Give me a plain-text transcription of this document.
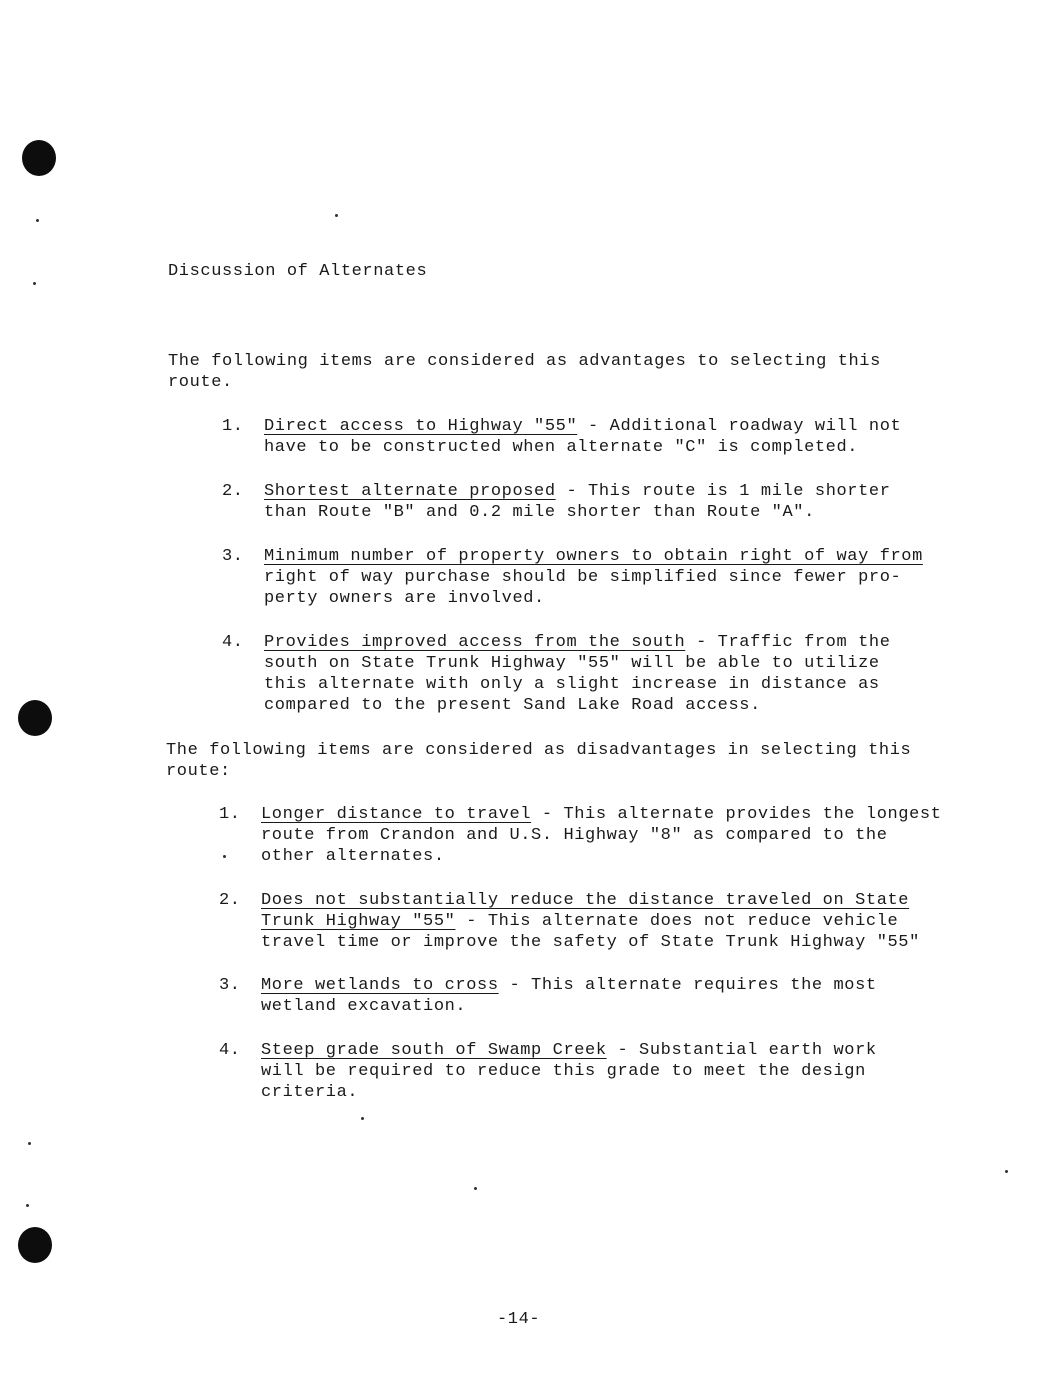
Discussion of Alternates
The following items are considered as advantages to selecting this
route.
1. Direct access to Highway "55" - Additional roadway will not
have to be constructed when alternate "C" is completed.
2. Shortest alternate proposed - This route is 1 mile shorter
than Route "B" and 0.2 mile shorter than Route "A".
3. Minimum number of property owners to obtain right of way from
right of way purchase should be simplified since fewer pro-
perty owners are involved.
4. Provides improved access from the south - Traffic from the
south on State Trunk Highway "55" will be able to utilize
this alternate with only a slight increase in distance as
compared to the present Sand Lake Road access.
The following items are considered as disadvantages in selecting this
route:
1. Longer distance to travel - This alternate provides the longest
route from Crandon and U.S. Highway "8" as compared to the
other alternates.
2. Does not substantially reduce the distance traveled on State
Trunk Highway "55" - This alternate does not reduce vehicle
travel time or improve the safety of State Trunk Highway "55"
3. More wetlands to cross - This alternate requires the most
wetland excavation.
4. Steep grade south of Swamp Creek - Substantial earth work
will be required to reduce this grade to meet the design
criteria.
-14-
